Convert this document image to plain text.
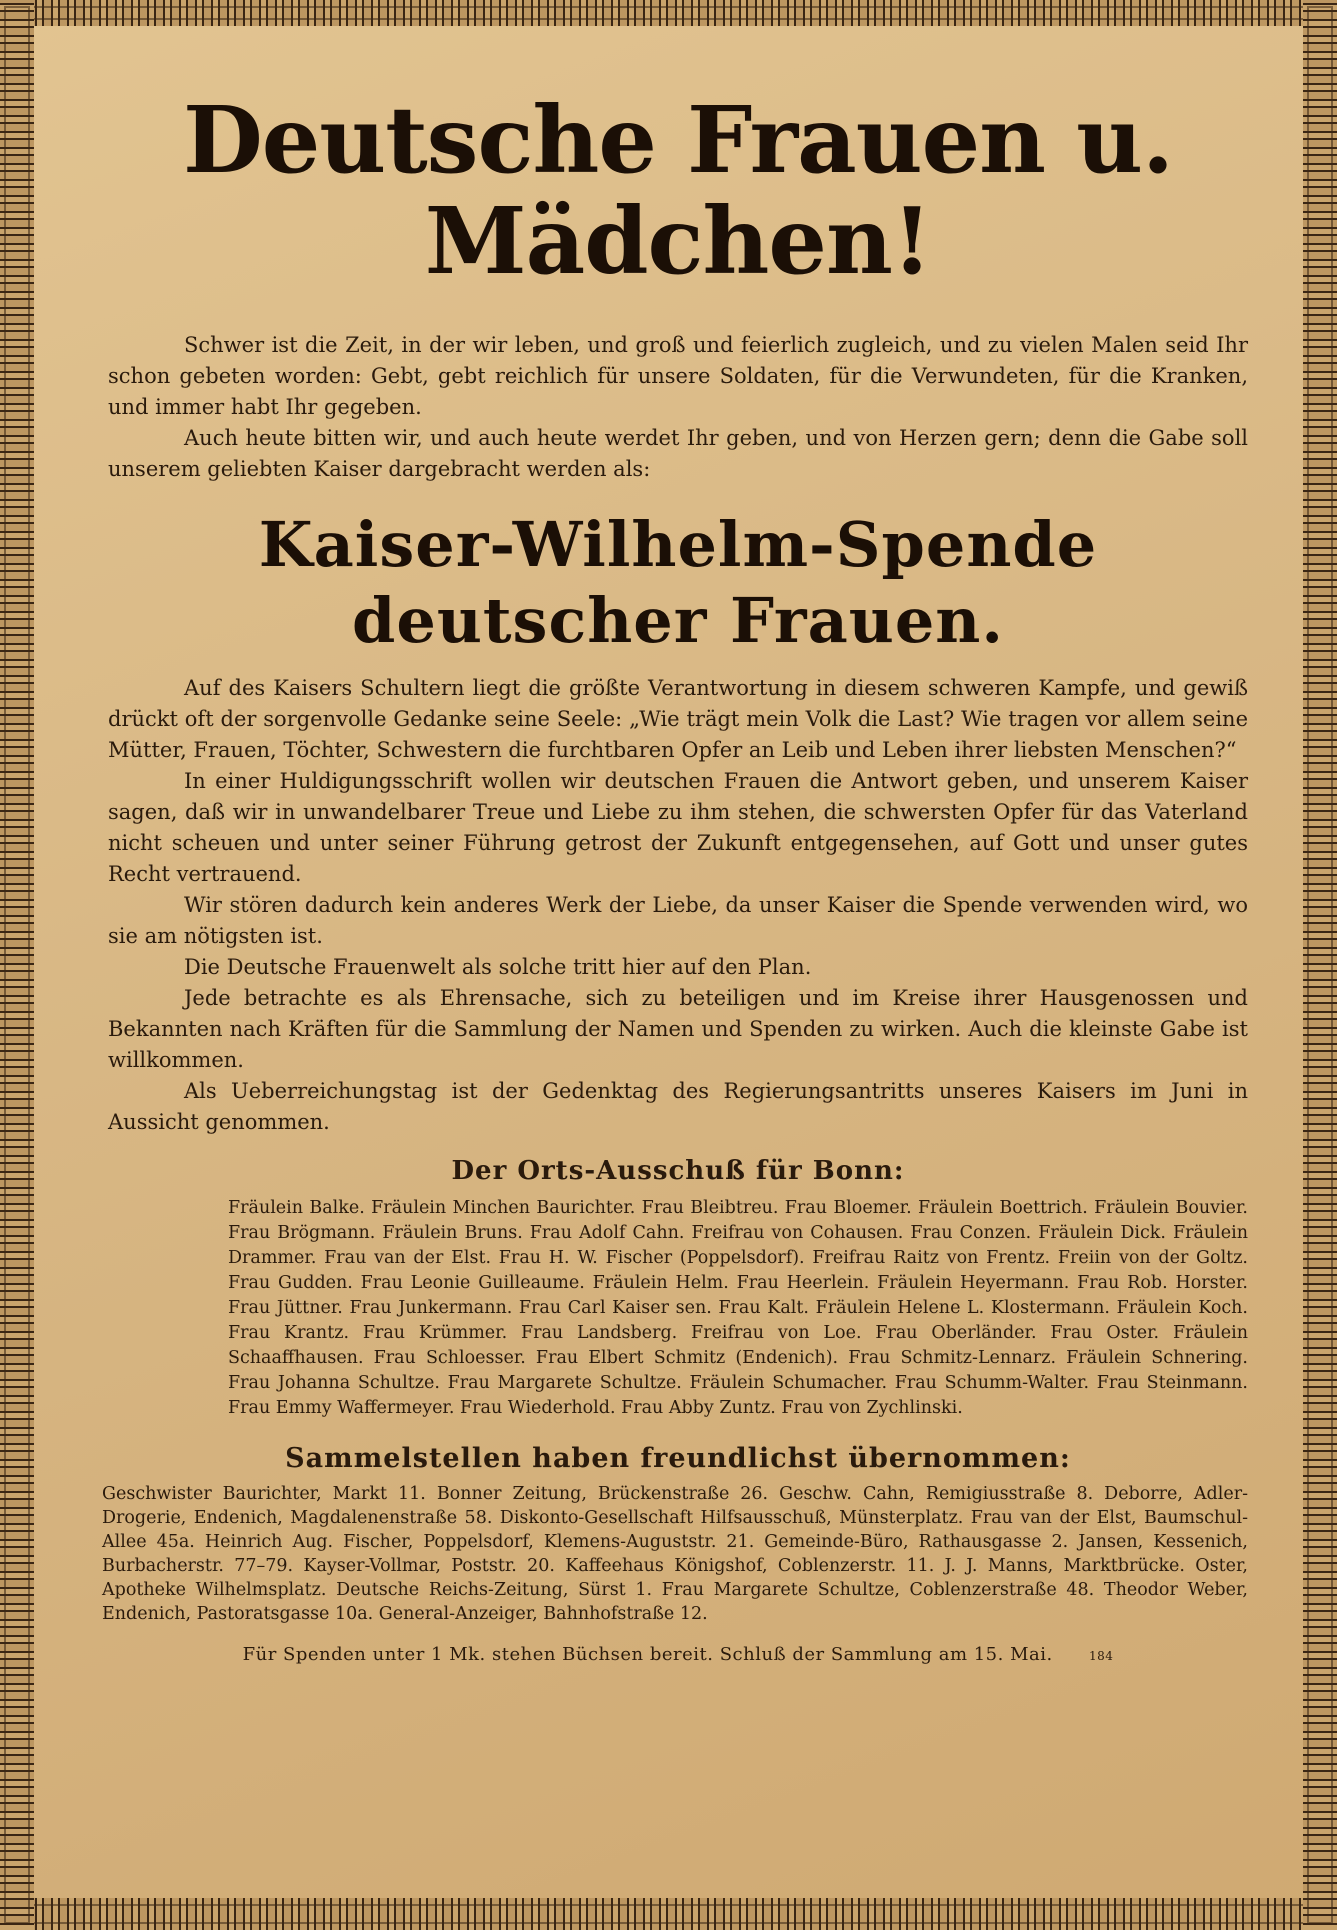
Deutsche Frauen u. Mädchen!

Schwer ist die Zeit, in der wir leben, und groß und feierlich zugleich, und zu vielen Malen seid Ihr schon gebeten worden: Gebt, gebt reichlich für unsere Soldaten, für die Verwundeten, für die Kranken, und immer habt Ihr gegeben.

Auch heute bitten wir, und auch heute werdet Ihr geben, und von Herzen gern; denn die Gabe soll unserem geliebten Kaiser dargebracht werden als:

Kaiser-Wilhelm-Spende
deutscher Frauen.

Auf des Kaisers Schultern liegt die größte Verantwortung in diesem schweren Kampfe, und gewiß drückt oft der sorgenvolle Gedanke seine Seele: „Wie trägt mein Volk die Last? Wie tragen vor allem seine Mütter, Frauen, Töchter, Schwestern die furchtbaren Opfer an Leib und Leben ihrer liebsten Menschen?“

In einer Huldigungsschrift wollen wir deutschen Frauen die Antwort geben, und unserem Kaiser sagen, daß wir in unwandelbarer Treue und Liebe zu ihm stehen, die schwersten Opfer für das Vaterland nicht scheuen und unter seiner Führung getrost der Zukunft entgegensehen, auf Gott und unser gutes Recht vertrauend.

Wir stören dadurch kein anderes Werk der Liebe, da unser Kaiser die Spende verwenden wird, wo sie am nötigsten ist.

Die Deutsche Frauenwelt als solche tritt hier auf den Plan.

Jede betrachte es als Ehrensache, sich zu beteiligen und im Kreise ihrer Hausgenossen und Bekannten nach Kräften für die Sammlung der Namen und Spenden zu wirken. Auch die kleinste Gabe ist willkommen.

Als Ueberreichungstag ist der Gedenktag des Regierungsantritts unseres Kaisers im Juni in Aussicht genommen.

Der Orts-Ausschuß für Bonn:

Fräulein Balke. Fräulein Minchen Baurichter. Frau Bleibtreu. Frau Bloemer. Fräulein Boettrich. Fräulein Bouvier. Frau Brögmann. Fräulein Bruns. Frau Adolf Cahn. Freifrau von Cohausen. Frau Conzen. Fräulein Dick. Fräulein Drammer. Frau van der Elst. Frau H. W. Fischer (Poppelsdorf). Freifrau Raitz von Frentz. Freiin von der Goltz. Frau Gudden. Frau Leonie Guilleaume. Fräulein Helm. Frau Heerlein. Fräulein Heyermann. Frau Rob. Horster. Frau Jüttner. Frau Junkermann. Frau Carl Kaiser sen. Frau Kalt. Fräulein Helene L. Klostermann. Fräulein Koch. Frau Krantz. Frau Krümmer. Frau Landsberg. Freifrau von Loe. Frau Oberländer. Frau Oster. Fräulein Schaaffhausen. Frau Schloesser. Frau Elbert Schmitz (Endenich). Frau Schmitz-Lennarz. Fräulein Schnering. Frau Johanna Schultze. Frau Margarete Schultze. Fräulein Schumacher. Frau Schumm-Walter. Frau Steinmann. Frau Emmy Waffermeyer. Frau Wiederhold. Frau Abby Zuntz. Frau von Zychlinski.

Sammelstellen haben freundlichst übernommen:

Geschwister Baurichter, Markt 11. Bonner Zeitung, Brückenstraße 26. Geschw. Cahn, Remigiusstraße 8. Deborre, Adler-Drogerie, Endenich, Magdalenenstraße 58. Diskonto-Gesellschaft Hilfsausschuß, Münsterplatz. Frau van der Elst, Baumschul-Allee 45a. Heinrich Aug. Fischer, Poppelsdorf, Klemens-Auguststr. 21. Gemeinde-Büro, Rathausgasse 2. Jansen, Kessenich, Burbacherstr. 77–79. Kayser-Vollmar, Poststr. 20. Kaffeehaus Königshof, Coblenzerstr. 11. J. J. Manns, Marktbrücke. Oster, Apotheke Wilhelmsplatz. Deutsche Reichs-Zeitung, Sürst 1. Frau Margarete Schultze, Coblenzerstraße 48. Theodor Weber, Endenich, Pastoratsgasse 10a. General-Anzeiger, Bahnhofstraße 12.

Für Spenden unter 1 Mk. stehen Büchsen bereit. Schluß der Sammlung am 15. Mai.	184
